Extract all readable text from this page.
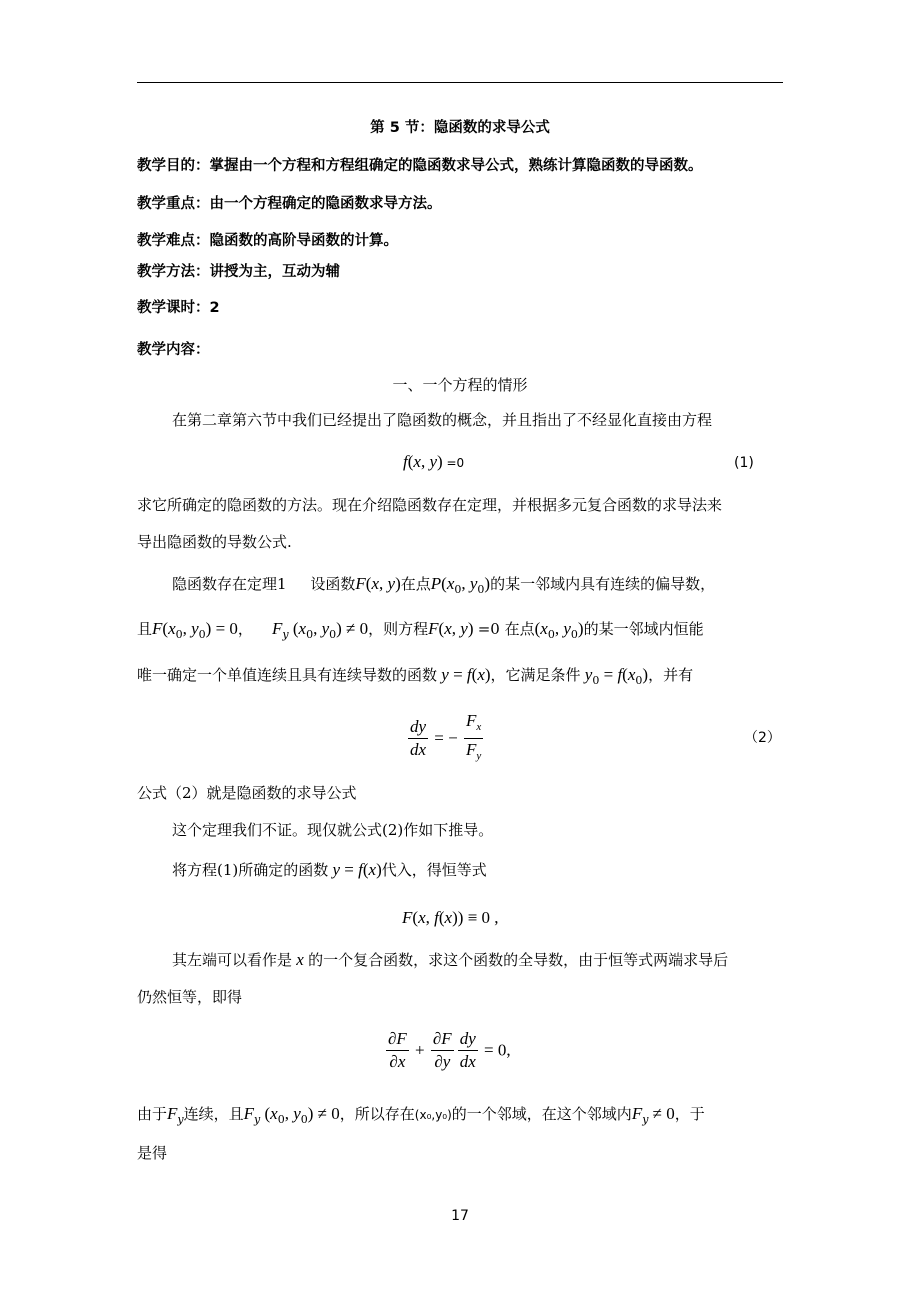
第 5 节：隐函数的求导公式
教学目的：掌握由一个方程和方程组确定的隐函数求导公式，熟练计算隐函数的导函数。
教学重点：由一个方程确定的隐函数求导方法。
教学难点：隐函数的高阶导函数的计算。
教学方法：讲授为主，互动为辅
教学课时：2
教学内容：
一、一个方程的情形
在第二章第六节中我们已经提出了隐函数的概念，并且指出了不经显化直接由方程
f(x, y) =0	(1)
求它所确定的隐函数的方法。现在介绍隐函数存在定理，并根据多元复合函数的求导法来
导出隐函数的导数公式.
隐函数存在定理1 设函数F(x, y)在点$P(x_0$, $y_0$)的某一邻域内具有连续的偏导数，
且$F(x_0$, $y_0) = 0$， $F_y$ ($x_0$, $y_0) \ne 0$，则方程F(x, y) =0 在点($x_0$, $y_0$)的某一邻域内恒能
唯一确定一个单值连续且具有连续导数的函数 y = f(x)，它满足条件 $y_0 = f(x_0)$，并有
$\frac{dy}{dx}$ = − $\frac{F_x}{F_y}$	（2）
公式（2）就是隐函数的求导公式
这个定理我们不证。现仅就公式(2)作如下推导。
将方程(1)所确定的函数 y = f(x)代入，得恒等式
F(x, f(x)) ≡ 0 ,
其左端可以看作是 x 的一个复合函数，求这个函数的全导数，由于恒等式两端求导后
仍然恒等，即得
$\frac{\partial F}{\partial x} + \frac{\partial F}{\partial y} \frac{dy}{dx} = 0$,
由于$F_y$连续，且$F_y$ ($x_0$, $y_0) \ne 0$，所以存在(x₀,y₀)的一个邻域，在这个邻域内$F_y \ne 0$，于
是得
17
